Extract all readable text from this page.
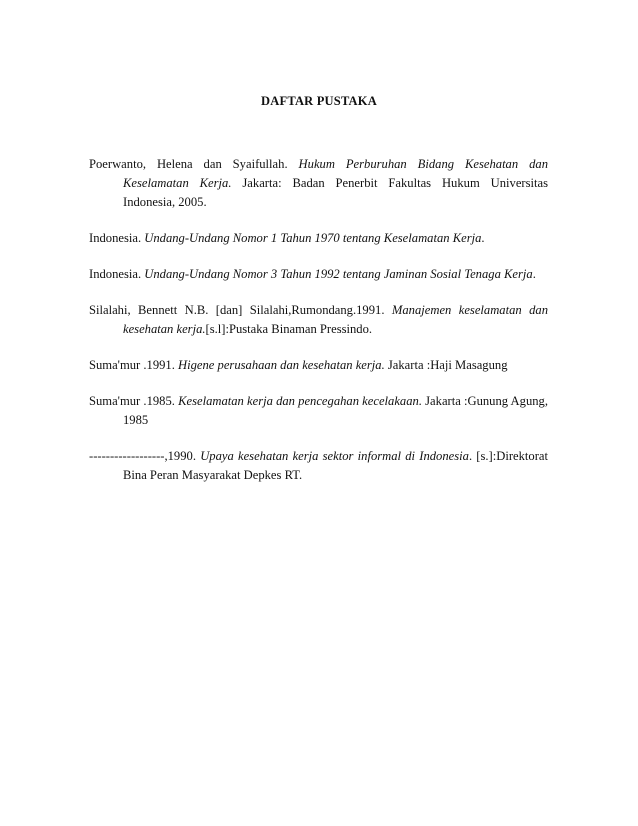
DAFTAR PUSTAKA

Poerwanto, Helena dan Syaifullah. Hukum Perburuhan Bidang Kesehatan dan Keselamatan Kerja. Jakarta: Badan Penerbit Fakultas Hukum Universitas Indonesia, 2005.

Indonesia. Undang-Undang Nomor 1 Tahun 1970 tentang Keselamatan Kerja.

Indonesia. Undang-Undang Nomor 3 Tahun 1992 tentang Jaminan Sosial Tenaga Kerja.

Silalahi, Bennett N.B. [dan] Silalahi,Rumondang.1991. Manajemen keselamatan dan kesehatan kerja.[s.l]:Pustaka Binaman Pressindo.

Suma'mur .1991. Higene perusahaan dan kesehatan kerja. Jakarta :Haji Masagung

Suma'mur .1985. Keselamatan kerja dan pencegahan kecelakaan. Jakarta :Gunung Agung, 1985

------------------,1990. Upaya kesehatan kerja sektor informal di Indonesia. [s.]:Direktorat Bina Peran Masyarakat Depkes RT.
